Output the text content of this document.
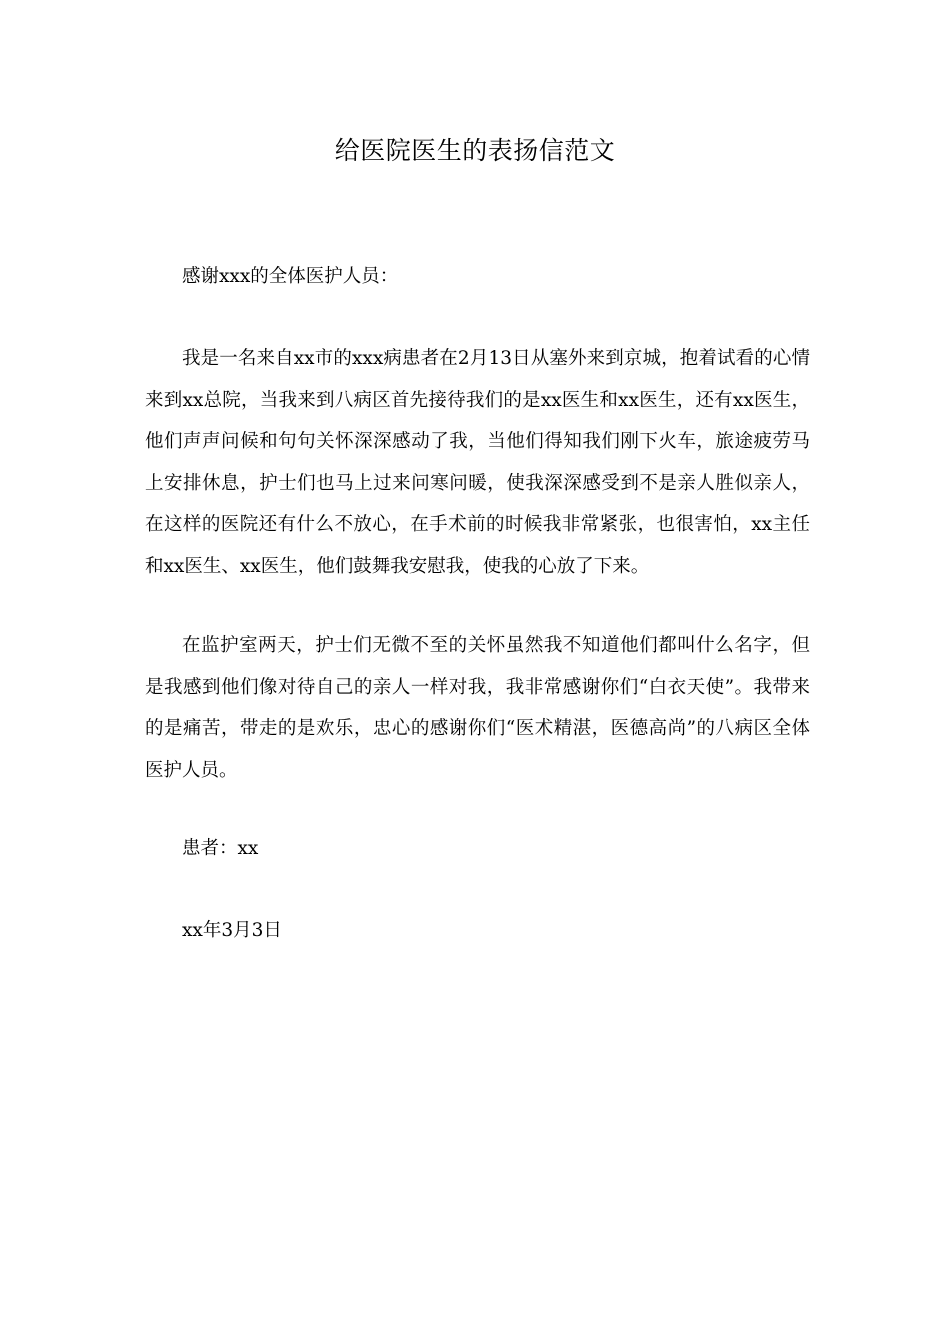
给医院医生的表扬信范文

感谢xxx的全体医护人员：

我是一名来自xx市的xxx病患者在2月13日从塞外来到京城，抱着试看的心情来到xx总院，当我来到八病区首先接待我们的是xx医生和xx医生，还有xx医生，他们声声问候和句句关怀深深感动了我，当他们得知我们刚下火车，旅途疲劳马上安排休息，护士们也马上过来问寒问暖，使我深深感受到不是亲人胜似亲人，在这样的医院还有什么不放心，在手术前的时候我非常紧张，也很害怕，xx主任和xx医生、xx医生，他们鼓舞我安慰我，使我的心放了下来。

在监护室两天，护士们无微不至的关怀虽然我不知道他们都叫什么名字，但是我感到他们像对待自己的亲人一样对我，我非常感谢你们“白衣天使”。我带来的是痛苦，带走的是欢乐，忠心的感谢你们“医术精湛，医德高尚”的八病区全体医护人员。

患者：xx

xx年3月3日
